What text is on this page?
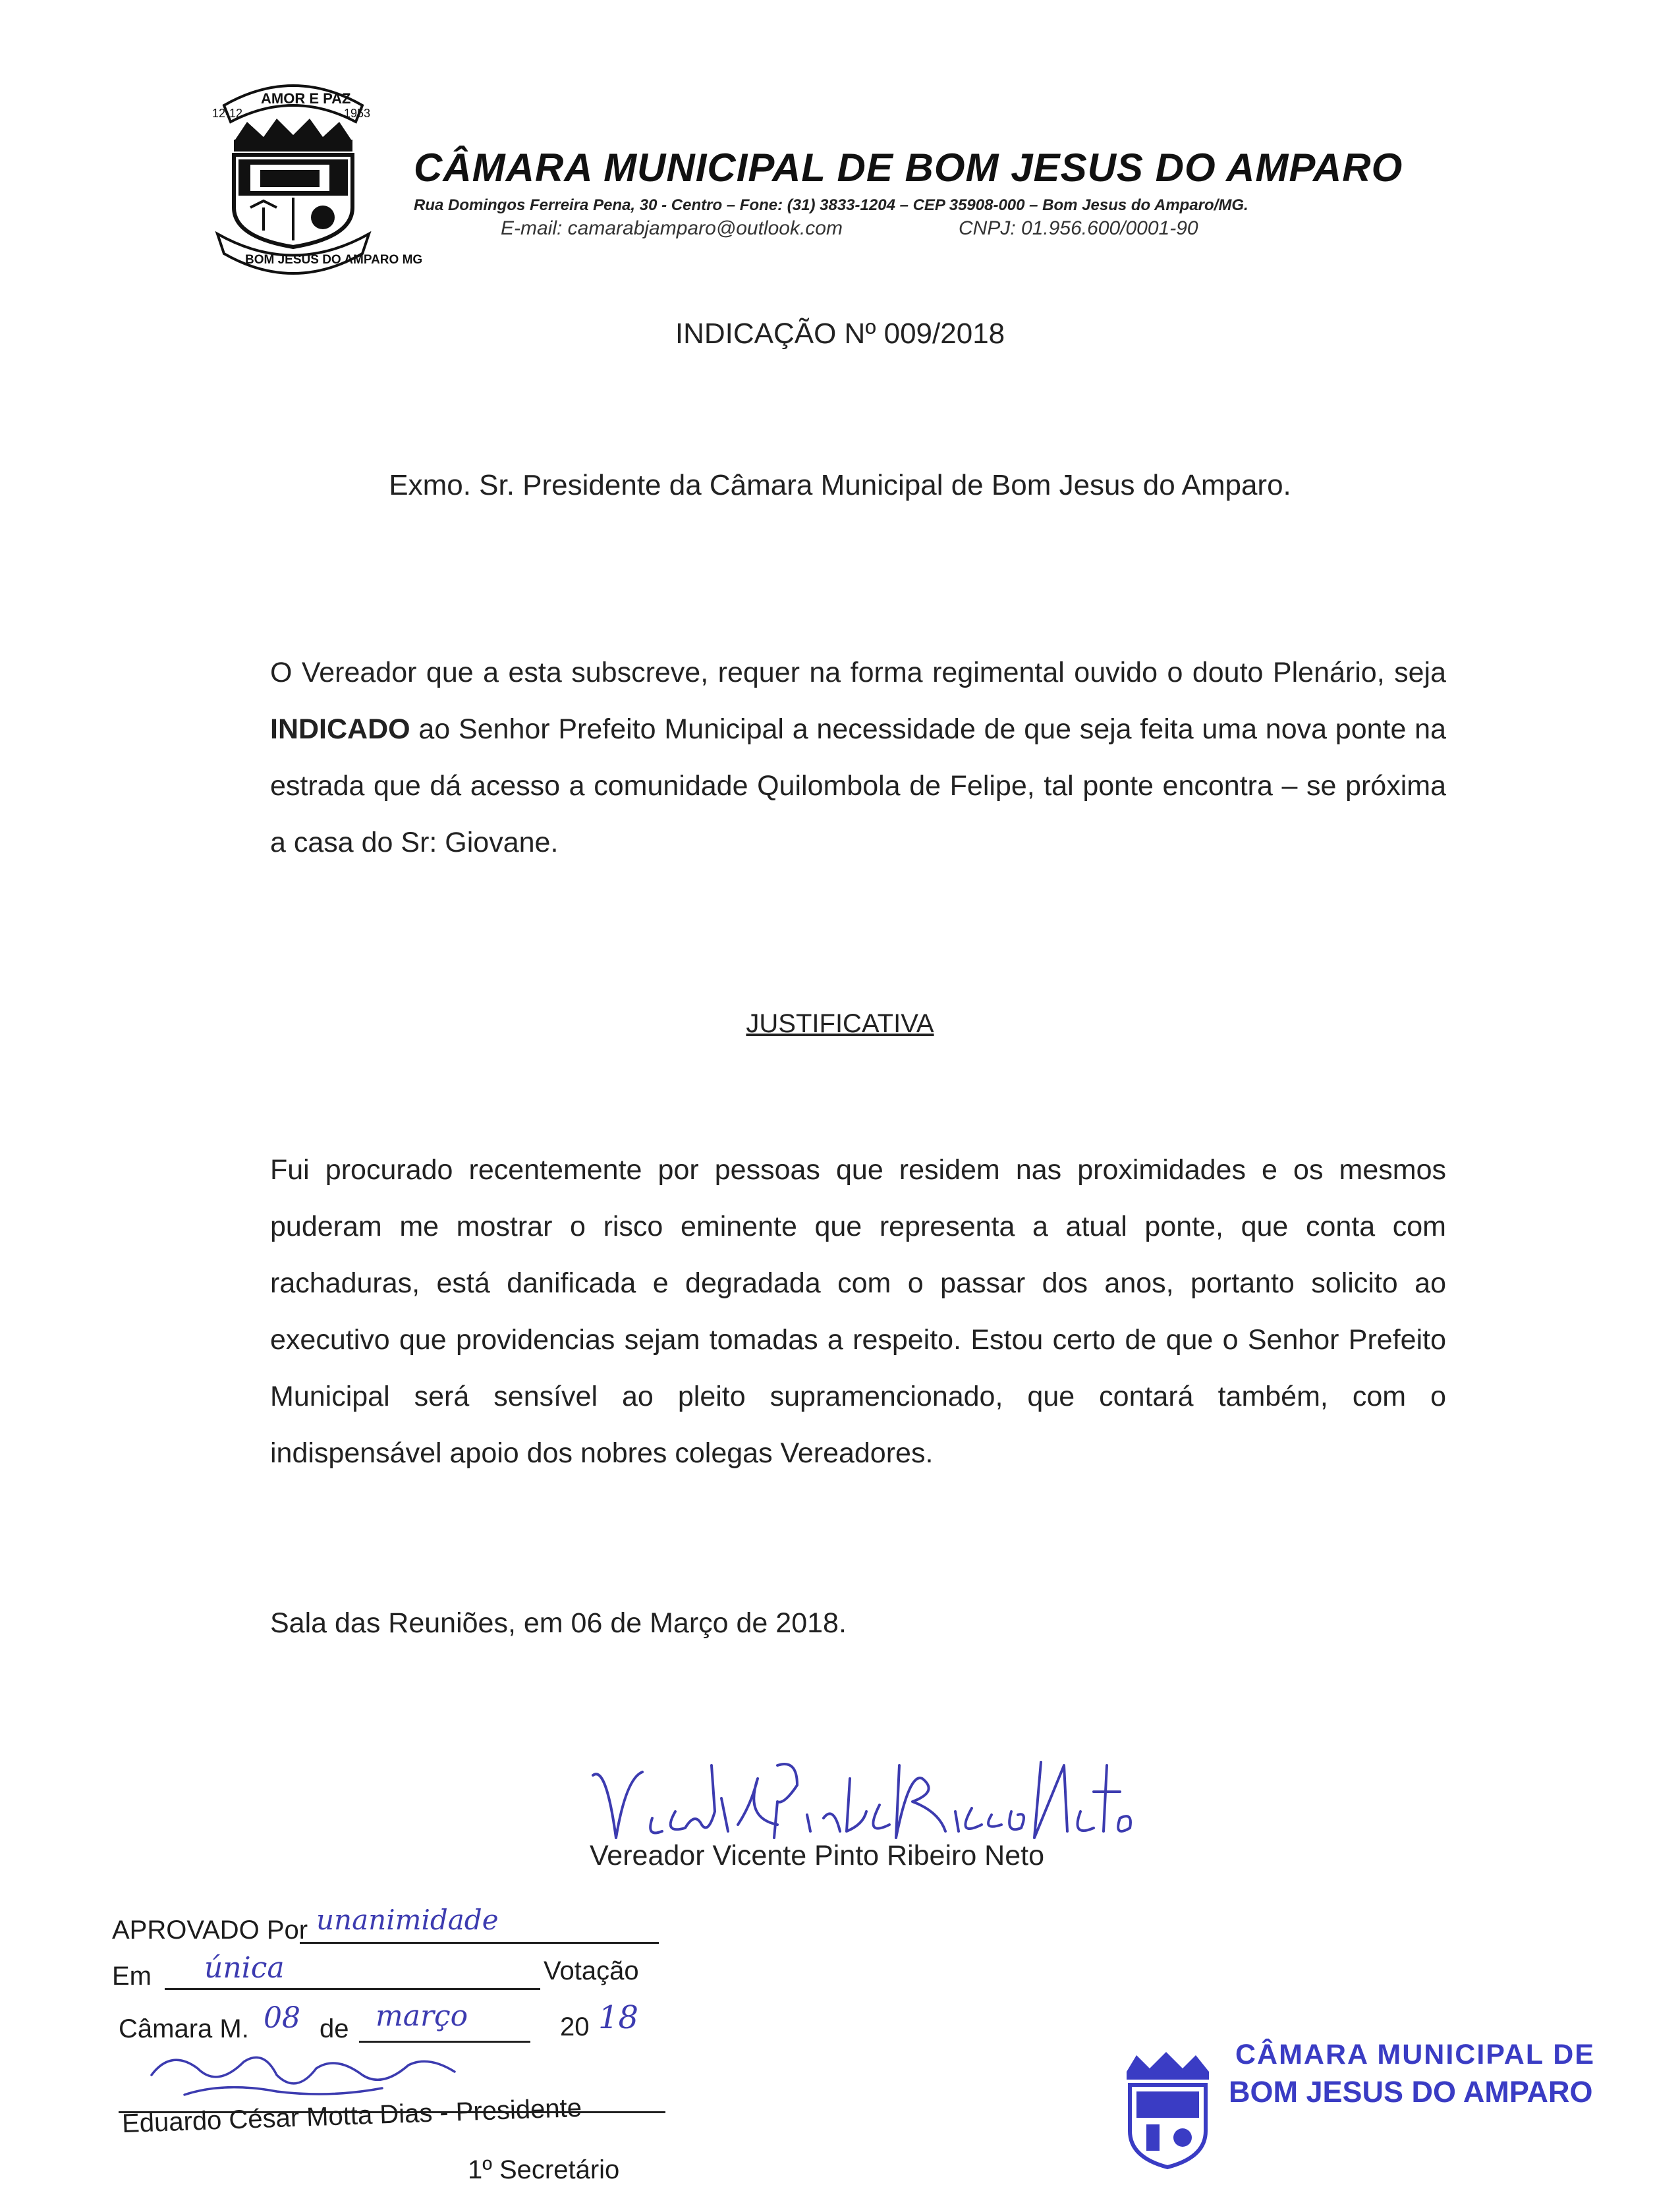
AMOR E PAZ
12-12	1953
BOM JESUS DO AMPARO MG
CÂMARA MUNICIPAL DE BOM JESUS DO AMPARO
Rua Domingos Ferreira Pena, 30 - Centro – Fone: (31) 3833-1204 – CEP 35908-000 – Bom Jesus do Amparo/MG.
E-mail: camarabjamparo@outlook.com	CNPJ: 01.956.600/0001-90
INDICAÇÃO Nº 009/2018
Exmo. Sr. Presidente da Câmara Municipal de Bom Jesus do Amparo.
O Vereador que a esta subscreve, requer na forma regimental ouvido o douto Plenário, seja INDICADO ao Senhor Prefeito Municipal a necessidade de que seja feita uma nova ponte na estrada que dá acesso a comunidade Quilombola de Felipe, tal ponte encontra – se próxima a casa do Sr: Giovane.
JUSTIFICATIVA
Fui procurado recentemente por pessoas que residem nas proximidades e os mesmos puderam me mostrar o risco eminente que representa a atual ponte, que conta com rachaduras, está danificada e degradada com o passar dos anos, portanto solicito ao executivo que providencias sejam tomadas a respeito. Estou certo de que o Senhor Prefeito Municipal será sensível ao pleito supramencionado, que contará também, com o indispensável apoio dos nobres colegas Vereadores.
Sala das Reuniões, em 06 de Março de 2018.
Vereador Vicente Pinto Ribeiro Neto
APROVADO Por unanimidade
Em única	Votação
Câmara M. 08 de março	20 18
Eduardo César Motta Dias - Presidente
1º Secretário
CÂMARA MUNICIPAL DE
BOM JESUS DO AMPARO
